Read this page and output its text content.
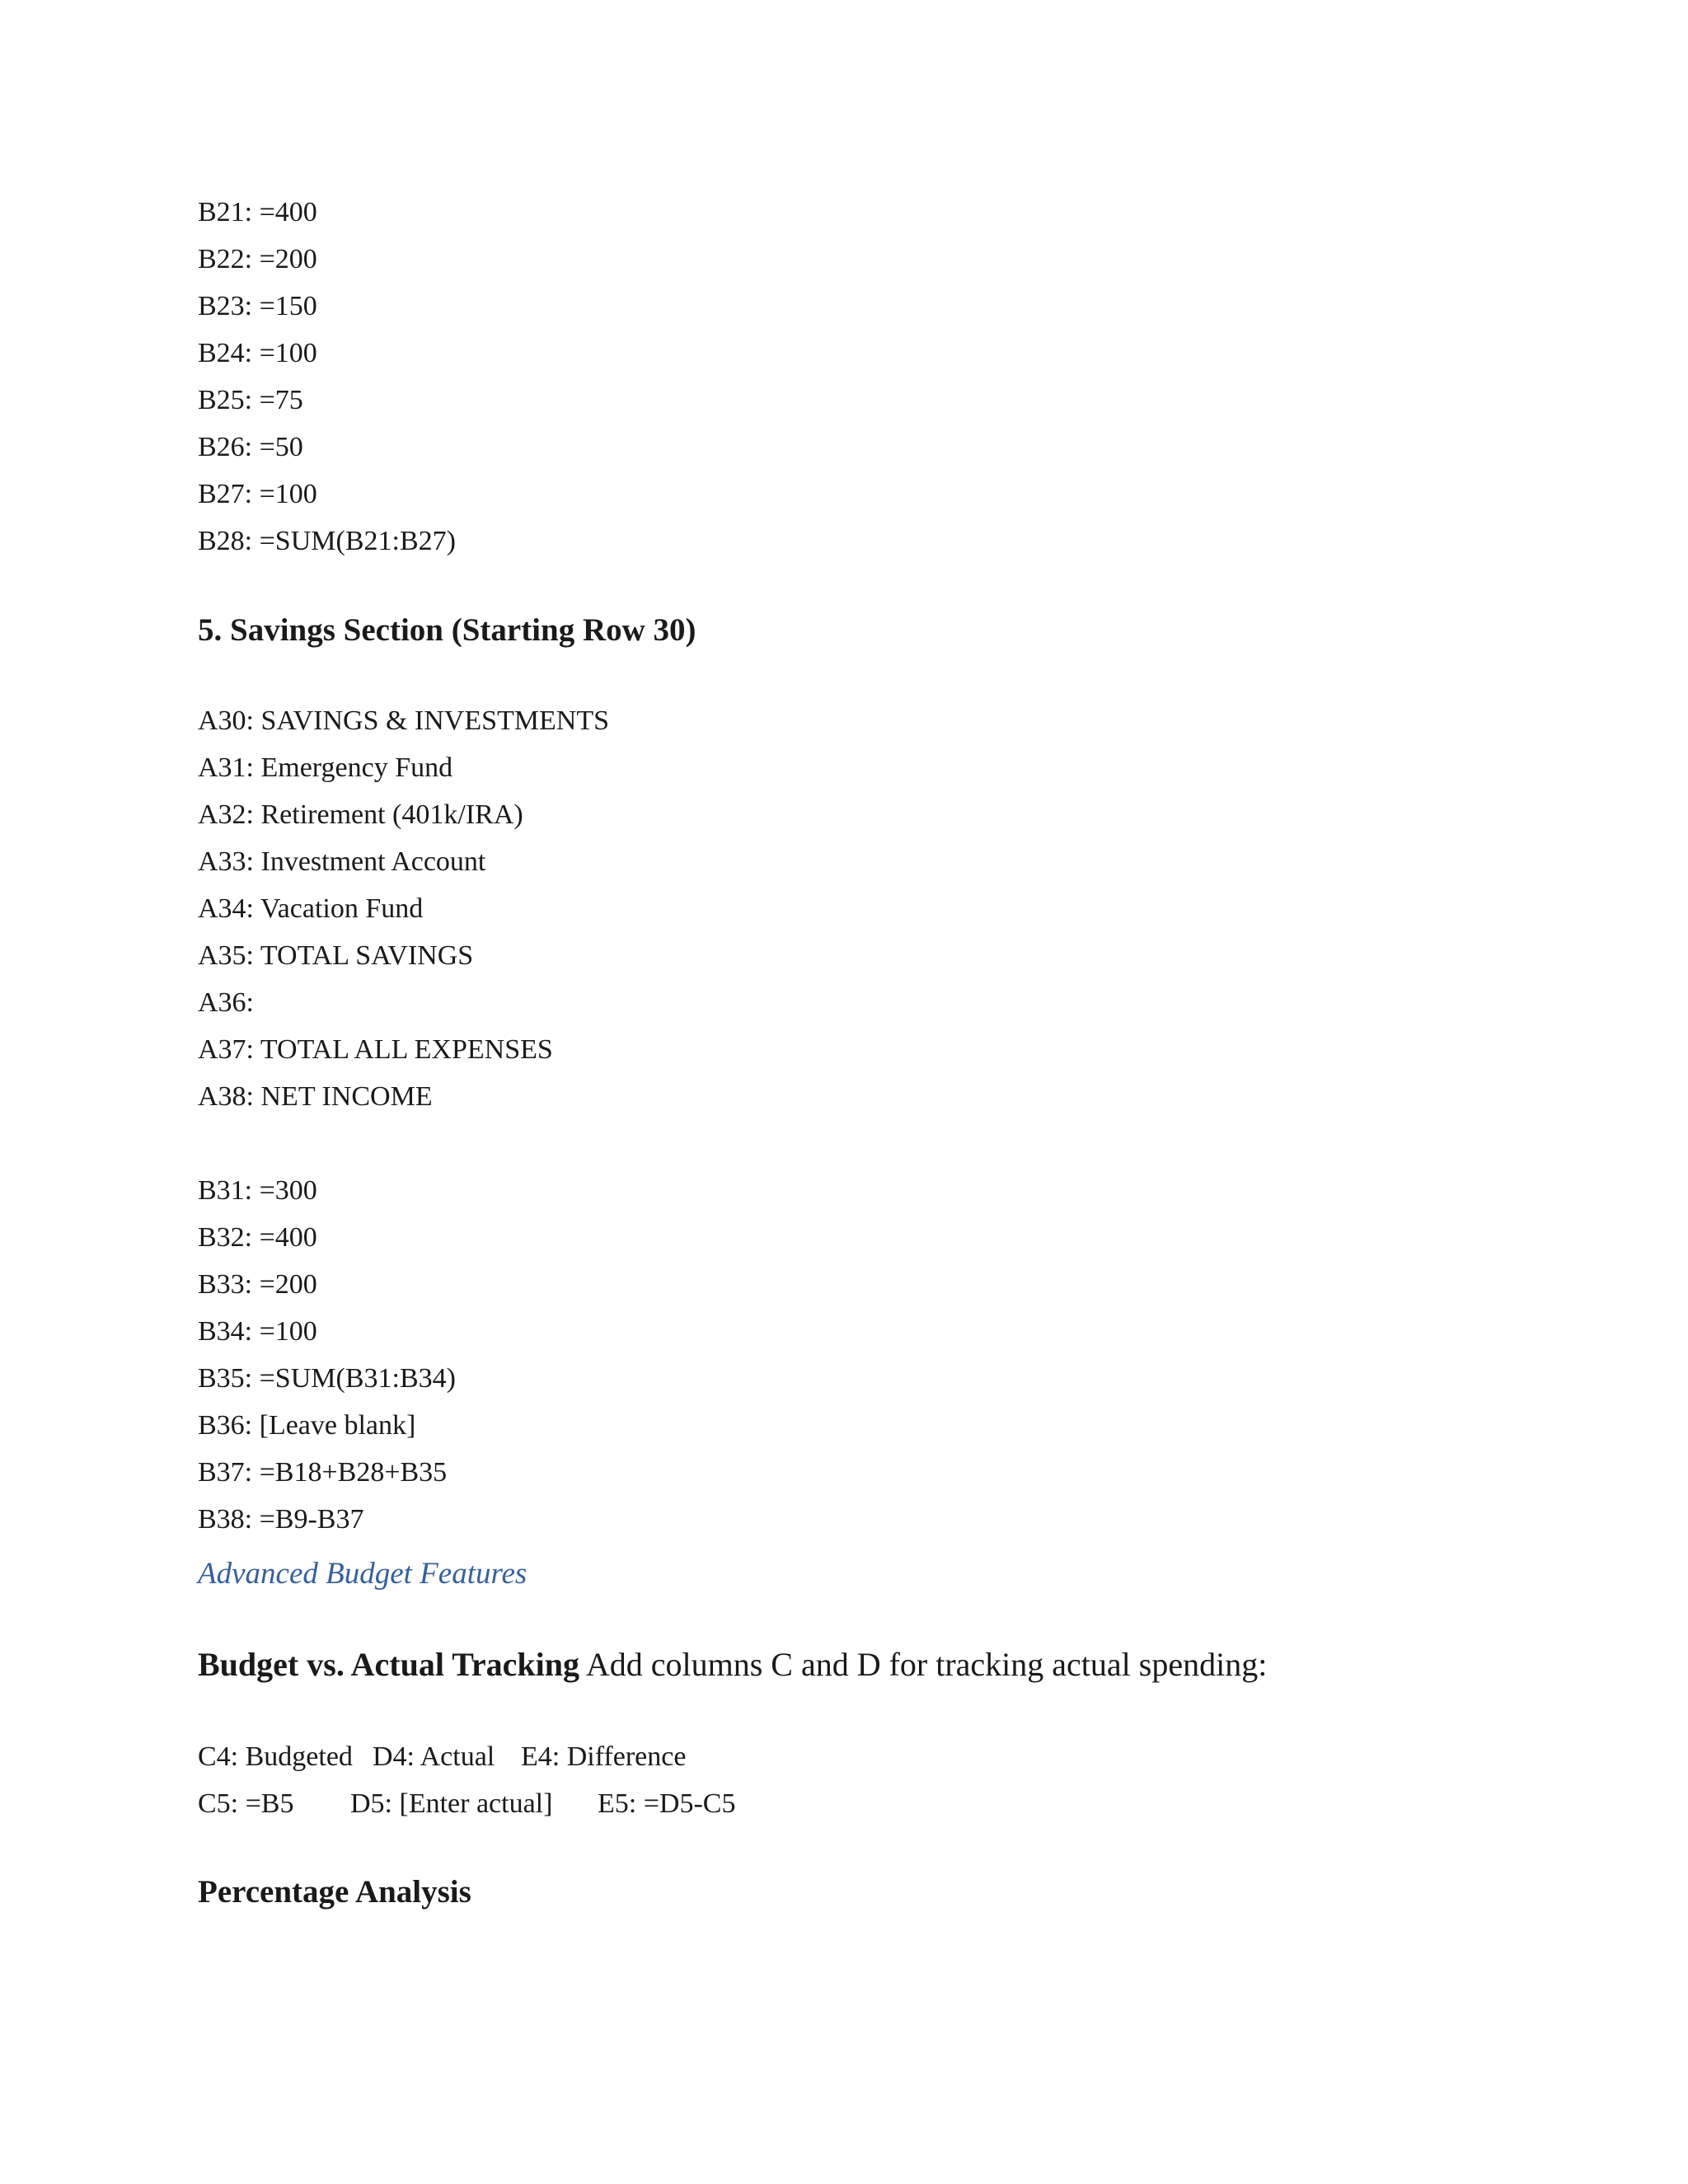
B21: =400
B22: =200
B23: =150
B24: =100
B25: =75
B26: =50
B27: =100
B28: =SUM(B21:B27)
5. Savings Section (Starting Row 30)
A30: SAVINGS & INVESTMENTS
A31: Emergency Fund
A32: Retirement (401k/IRA)
A33: Investment Account
A34: Vacation Fund
A35: TOTAL SAVINGS
A36:
A37: TOTAL ALL EXPENSES
A38: NET INCOME
B31: =300
B32: =400
B33: =200
B34: =100
B35: =SUM(B31:B34)
B36: [Leave blank]
B37: =B18+B28+B35
B38: =B9-B37
Advanced Budget Features
Budget vs. Actual Tracking Add columns C and D for tracking actual spending:
C4: Budgeted D4: Actual E4: Difference
C5: =B5 D5: [Enter actual] E5: =D5-C5
Percentage Analysis
